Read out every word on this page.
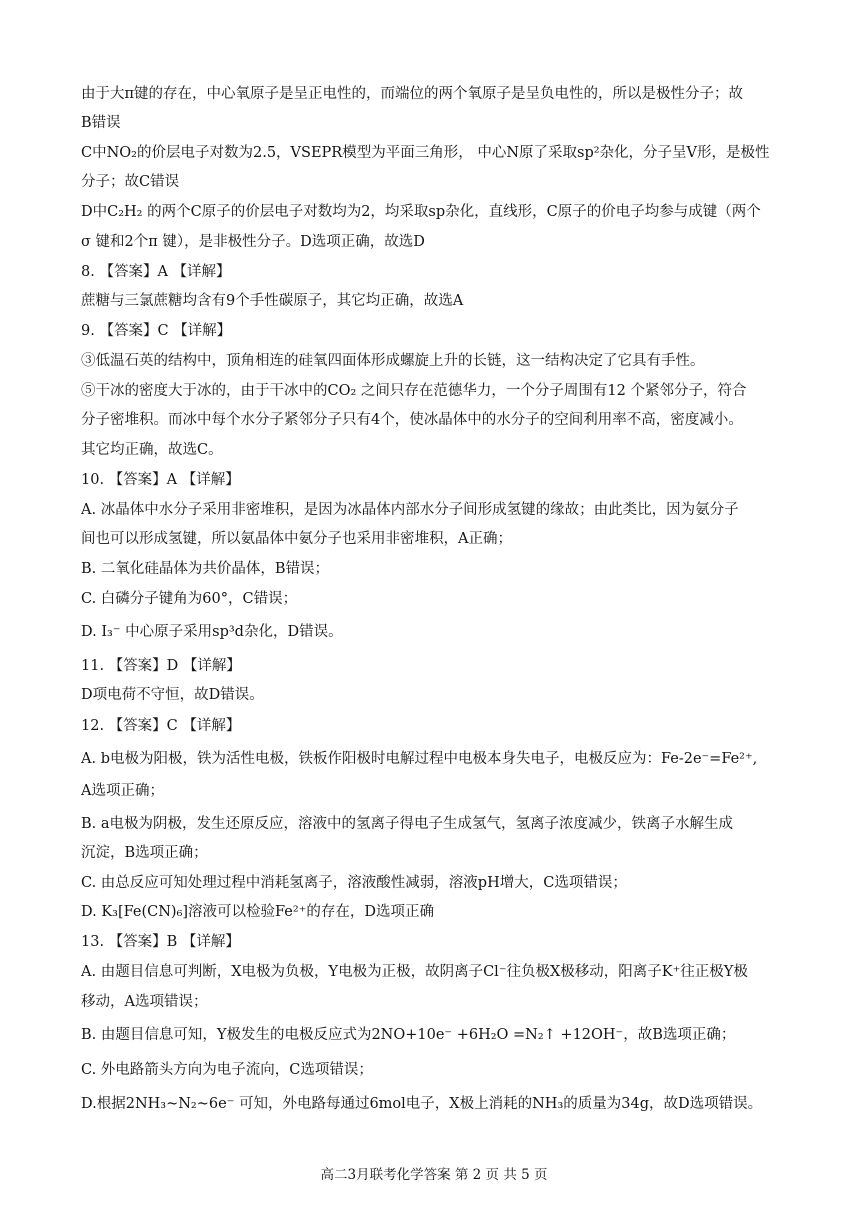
由于大π键的存在，中心氧原子是呈正电性的，而端位的两个氧原子是呈负电性的，所以是极性分子；故
B错误
C中NO₂的价层电子对数为2.5，VSEPR模型为平面三角形， 中心N原了采取sp²杂化，分子呈V形，是极性
分子；故C错误
D中C₂H₂ 的两个C原子的价层电子对数均为2，均采取sp杂化，直线形，C原子的价电子均参与成键（两个
σ 键和2个π 键），是非极性分子。D选项正确，故选D
8. 【答案】A 【详解】
蔗糖与三氯蔗糖均含有9个手性碳原子，其它均正确，故选A
9. 【答案】C 【详解】
③低温石英的结构中，顶角相连的硅氧四面体形成螺旋上升的长链，这一结构决定了它具有手性。
⑤干冰的密度大于冰的，由于干冰中的CO₂ 之间只存在范德华力，一个分子周围有12 个紧邻分子，符合
分子密堆积。而冰中每个水分子紧邻分子只有4个，使冰晶体中的水分子的空间利用率不高，密度减小。
其它均正确，故选C。
10. 【答案】A 【详解】
A. 冰晶体中水分子采用非密堆积，是因为冰晶体内部水分子间形成氢键的缘故；由此类比，因为氨分子
间也可以形成氢键，所以氨晶体中氨分子也采用非密堆积，A正确；
B. 二氧化硅晶体为共价晶体，B错误；
C. 白磷分子键角为60°，C错误；
D. I₃⁻ 中心原子采用sp³d杂化，D错误。
11. 【答案】D 【详解】
D项电荷不守恒，故D错误。
12. 【答案】C 【详解】
A. b电极为阳极，铁为活性电极，铁板作阳极时电解过程中电极本身失电子，电极反应为：Fe-2e⁻=Fe²⁺,
A选项正确；
B. a电极为阴极，发生还原反应，溶液中的氢离子得电子生成氢气，氢离子浓度减少，铁离子水解生成
沉淀，B选项正确；
C. 由总反应可知处理过程中消耗氢离子，溶液酸性减弱，溶液pH增大，C选项错误；
D. K₃[Fe(CN)₆]溶液可以检验Fe²⁺的存在，D选项正确
13. 【答案】B 【详解】
A. 由题目信息可判断，X电极为负极，Y电极为正极，故阴离子Cl⁻往负极X极移动，阳离子K⁺往正极Y极
移动，A选项错误；
B. 由题目信息可知，Y极发生的电极反应式为2NO+10e⁻ +6H₂O =N₂↑ +12OH⁻，故B选项正确；
C. 外电路箭头方向为电子流向，C选项错误；
D.根据2NH₃~N₂~6e⁻ 可知，外电路每通过6mol电子，X极上消耗的NH₃的质量为34g，故D选项错误。
高二3月联考化学答案 第 2 页 共 5 页
